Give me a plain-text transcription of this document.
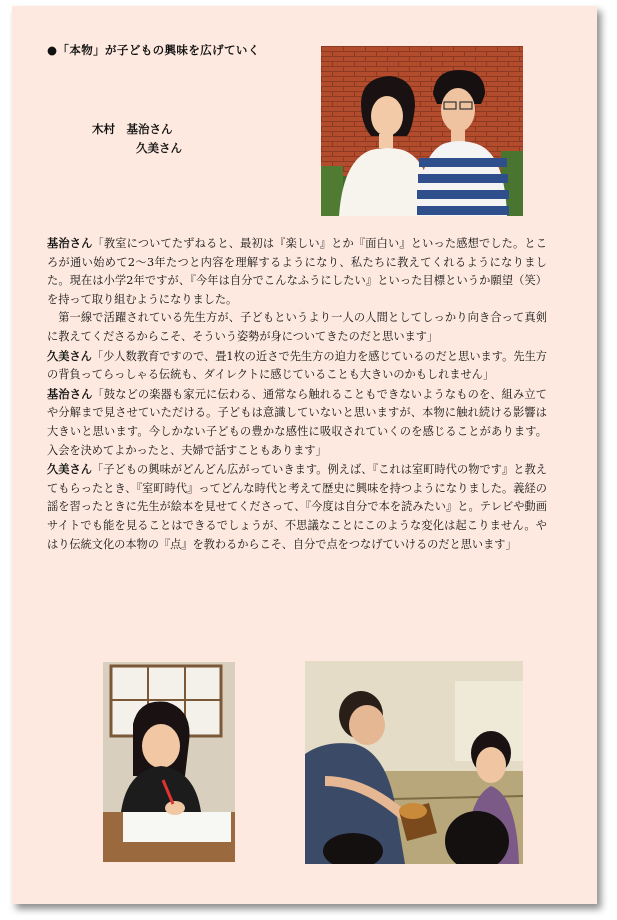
●「本物」が子どもの興味を広げていく
木村　基治さん
久美さん

基治さん「教室についてたずねると、最初は『楽しい』とか『面白い』といった感想でした。ところが通い始めて2～3年たつと内容を理解するようになり、私たちに教えてくれるようになりました。現在は小学2年ですが、『今年は自分でこんなふうにしたい』といった目標というか願望（笑）を持って取り組むようになりました。

第一線で活躍されている先生方が、子どもというより一人の人間としてしっかり向き合って真剣に教えてくださるからこそ、そういう姿勢が身についてきたのだと思います」

久美さん「少人数教育ですので、畳1枚の近さで先生方の迫力を感じているのだと思います。先生方の背負ってらっしゃる伝統も、ダイレクトに感じていることも大きいのかもしれません」

基治さん「鼓などの楽器も家元に伝わる、通常なら触れることもできないようなものを、組み立てや分解まで見させていただける。子どもは意識していないと思いますが、本物に触れ続ける影響は大きいと思います。今しかない子どもの豊かな感性に吸収されていくのを感じることがあります。入会を決めてよかったと、夫婦で話すこともあります」

久美さん「子どもの興味がどんどん広がっていきます。例えば、『これは室町時代の物です』と教えてもらったとき、『室町時代』ってどんな時代と考えて歴史に興味を持つようになりました。義経の謡を習ったときに先生が絵本を見せてくださって、『今度は自分で本を読みたい』と。テレビや動画サイトでも能を見ることはできるでしょうが、不思議なことにこのような変化は起こりません。やはり伝統文化の本物の『点』を教わるからこそ、自分で点をつなげていけるのだと思います」
